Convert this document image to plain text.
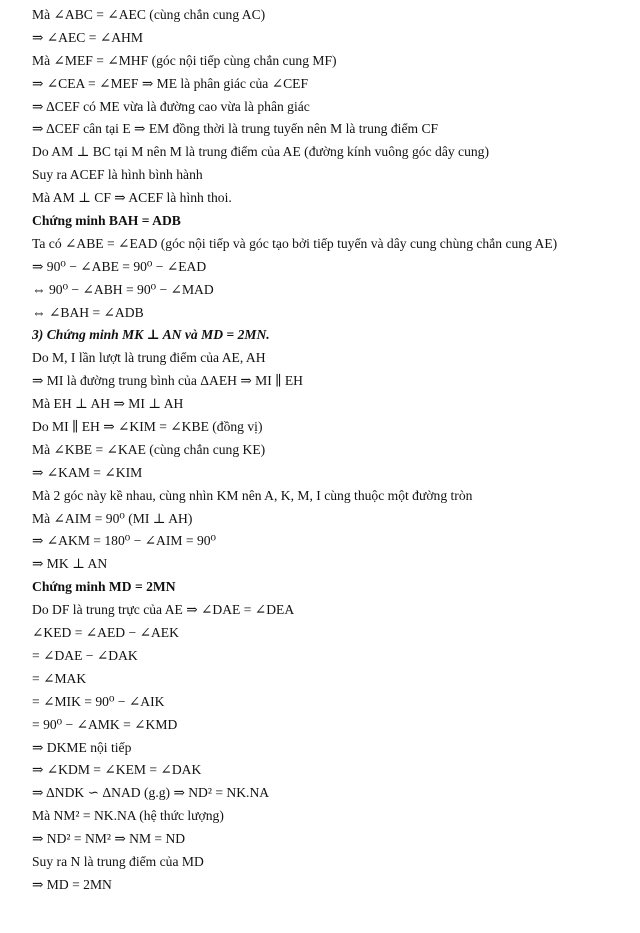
Mà ∠ABC = ∠AEC (cùng chắn cung AC)
⇒ ∠AEC = ∠AHM
Mà ∠MEF = ∠MHF (góc nội tiếp cùng chắn cung MF)
⇒ ∠CEA = ∠MEF ⇒ ME là phân giác của ∠CEF
⇒ ΔCEF có ME vừa là đường cao vừa là phân giác
⇒ ΔCEF cân tại E ⇒ EM đồng thời là trung tuyến nên M là trung điểm CF
Do AM ⊥ BC tại M nên M là trung điểm của AE (đường kính vuông góc dây cung)
Suy ra ACEF là hình bình hành
Mà AM ⊥ CF ⇒ ACEF là hình thoi.
Chứng minh BAH = ADB
Ta có ∠ABE = ∠EAD (góc nội tiếp và góc tạo bởi tiếp tuyến và dây cung chùng chắn cung AE)
⇒ 90⁰ − ∠ABE = 90⁰ − ∠EAD
⇔ 90⁰ − ∠ABH = 90⁰ − ∠MAD
⇔ ∠BAH = ∠ADB
3) Chứng minh MK ⊥ AN và MD = 2MN.
Do M, I lần lượt là trung điểm của AE, AH
⇒ MI là đường trung bình của ΔAEH ⇒ MI ∥ EH
Mà EH ⊥ AH ⇒ MI ⊥ AH
Do MI ∥ EH ⇒ ∠KIM = ∠KBE (đồng vị)
Mà ∠KBE = ∠KAE (cùng chắn cung KE)
⇒ ∠KAM = ∠KIM
Mà 2 góc này kề nhau, cùng nhìn KM nên A, K, M, I cùng thuộc một đường tròn
Mà ∠AIM = 90⁰ (MI ⊥ AH)
⇒ ∠AKM = 180⁰ − ∠AIM = 90⁰
⇒ MK ⊥ AN
Chứng minh MD = 2MN
Do DF là trung trực của AE ⇒ ∠DAE = ∠DEA
∠KED = ∠AED − ∠AEK
= ∠DAE − ∠DAK
= ∠MAK
= ∠MIK = 90⁰ − ∠AIK
= 90⁰ − ∠AMK = ∠KMD
⇒ DKME nội tiếp
⇒ ∠KDM = ∠KEM = ∠DAK
⇒ ΔNDK ∽ ΔNAD (g.g) ⇒ ND² = NK.NA
Mà NM² = NK.NA (hệ thức lượng)
⇒ ND² = NM² ⇒ NM = ND
Suy ra N là trung điểm của MD
⇒ MD = 2MN
